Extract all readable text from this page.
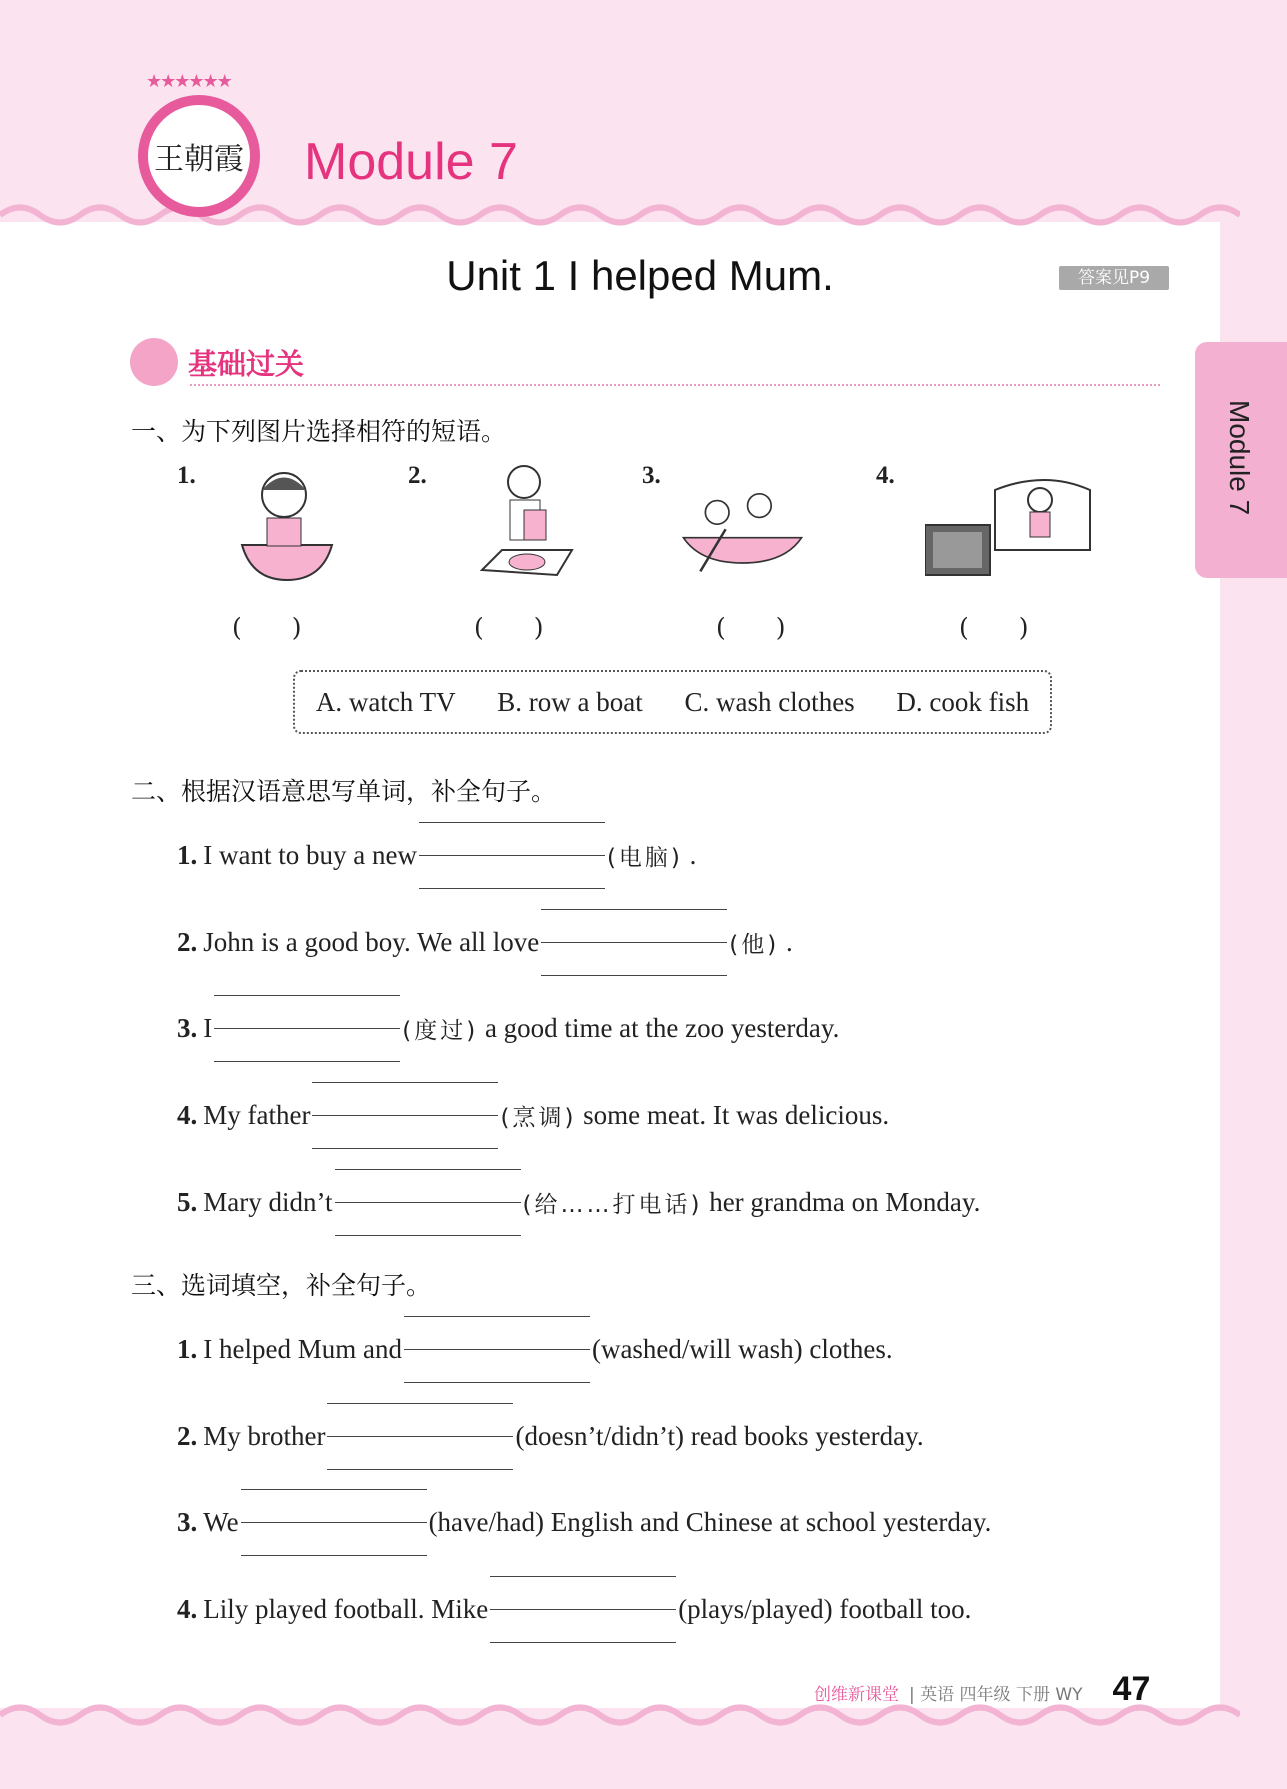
王朝霞
★★★★★★
Module 7
Unit 1 I helped Mum.	答案见P9
Module 7
基础过关
一、为下列图片选择相符的短语。
1.	2.	3.	4.
(　　)	(　　)	(　　)	(　　)
A. watch TV B. row a boat C. wash clothes D. cook fish
二、根据汉语意思写单词，补全句子。
1. I want to buy a new	(电脑)
.
2. John is a good boy. We all love	(他)
.
3. I	(度过)
a good time at the zoo yesterday.
4. My father	(烹调)
some meat. It was delicious.
5. Mary didn’t	(给……打电话)
her grandma on Monday.
三、选词填空，补全句子。
1. I helped Mum and	(washed/will wash)
clothes.
2. My brother	(doesn’t/didn’t)
read books yesterday.
3. We	(have/had)
English and Chinese at school yesterday.
4. Lily played football. Mike	(plays/played)
football too.
创维新课堂 | 英语 四年级 下册 WY 47
